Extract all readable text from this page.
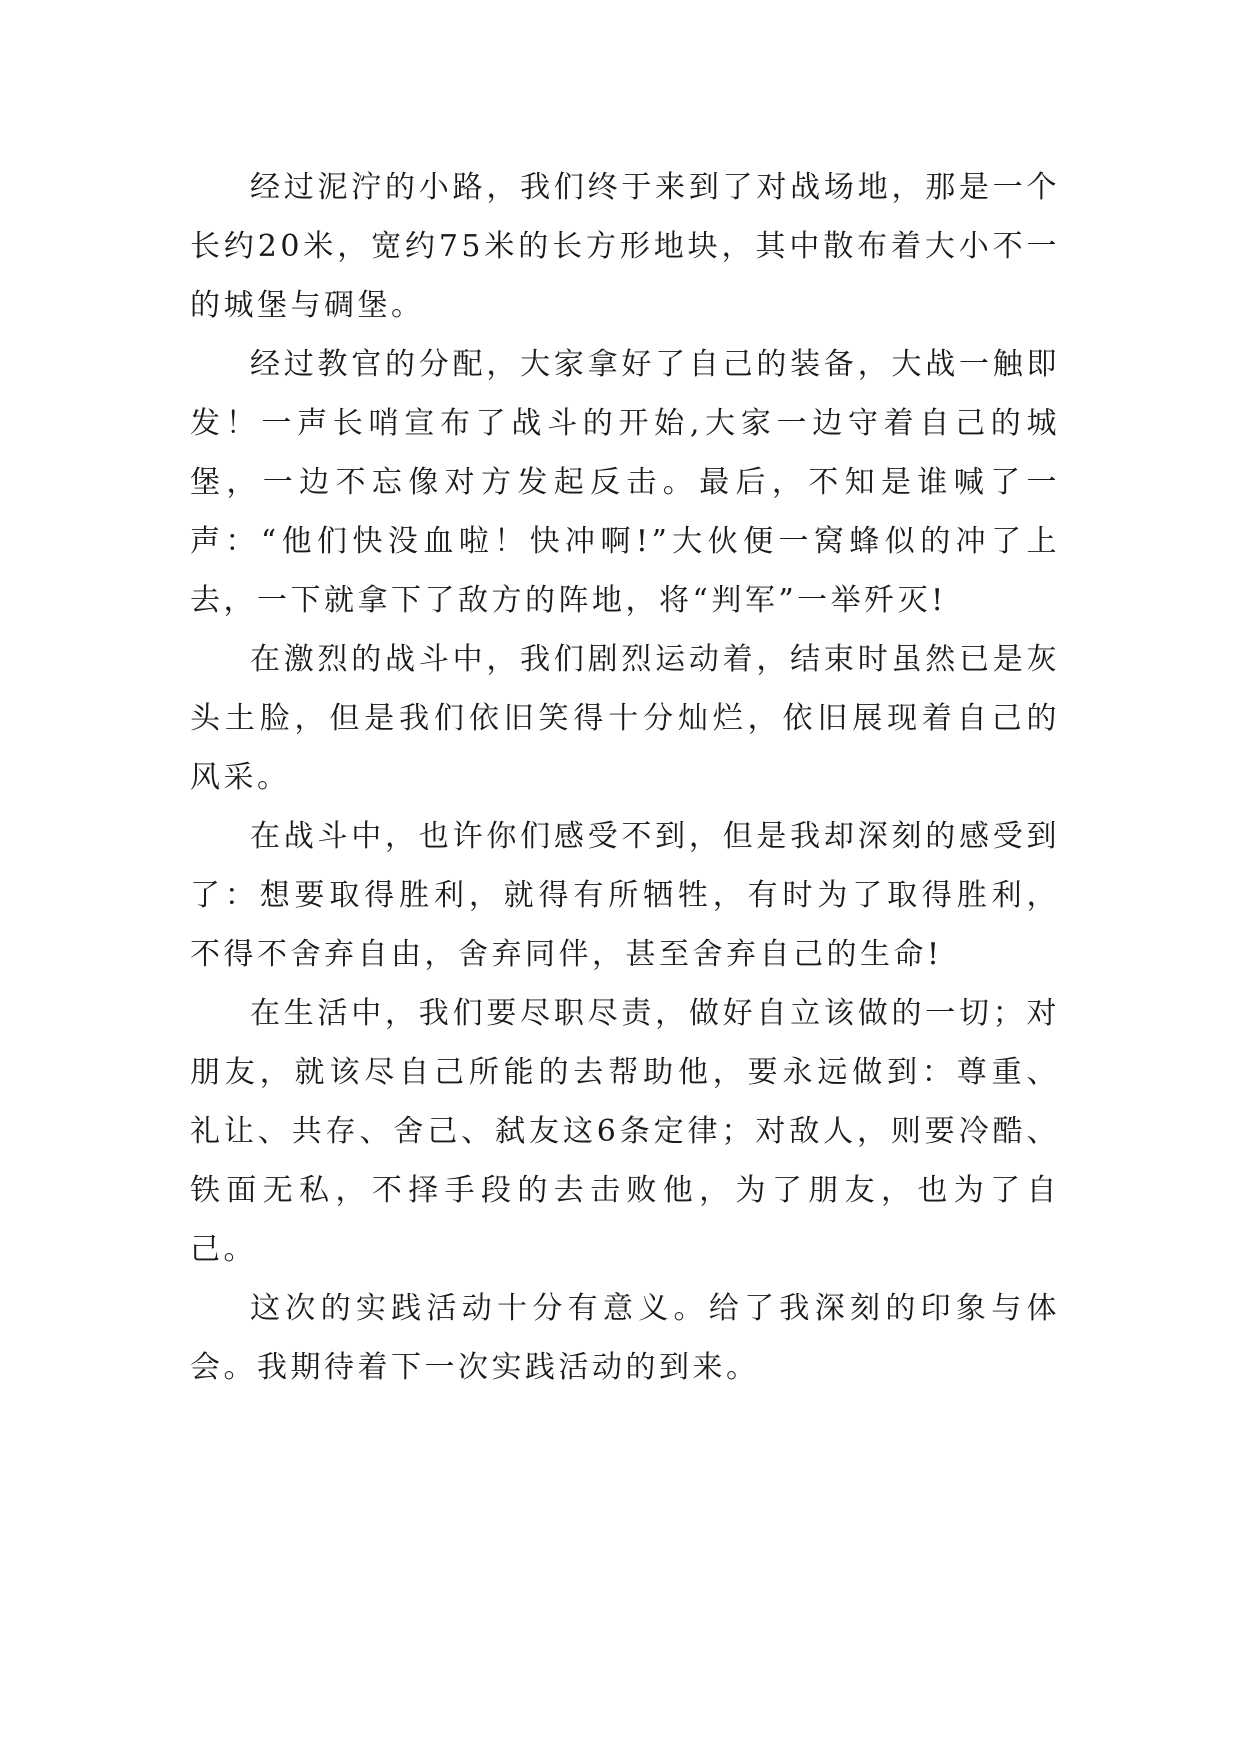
经过泥泞的小路，我们终于来到了对战场地，那是一个长约20米，宽约75米的长方形地块，其中散布着大小不一的城堡与碉堡。

经过教官的分配，大家拿好了自己的装备，大战一触即发！一声长哨宣布了战斗的开始,大家一边守着自己的城堡，一边不忘像对方发起反击。最后，不知是谁喊了一声：“他们快没血啦！快冲啊!”大伙便一窝蜂似的冲了上去，一下就拿下了敌方的阵地，将“判军”一举歼灭!

在激烈的战斗中，我们剧烈运动着，结束时虽然已是灰头土脸，但是我们依旧笑得十分灿烂，依旧展现着自己的风采。

在战斗中，也许你们感受不到，但是我却深刻的感受到了：想要取得胜利，就得有所牺牲，有时为了取得胜利，不得不舍弃自由，舍弃同伴，甚至舍弃自己的生命!

在生活中，我们要尽职尽责，做好自立该做的一切；对朋友，就该尽自己所能的去帮助他，要永远做到：尊重、礼让、共存、舍己、弑友这6条定律；对敌人，则要冷酷、铁面无私，不择手段的去击败他，为了朋友，也为了自己。

这次的实践活动十分有意义。给了我深刻的印象与体会。我期待着下一次实践活动的到来。
